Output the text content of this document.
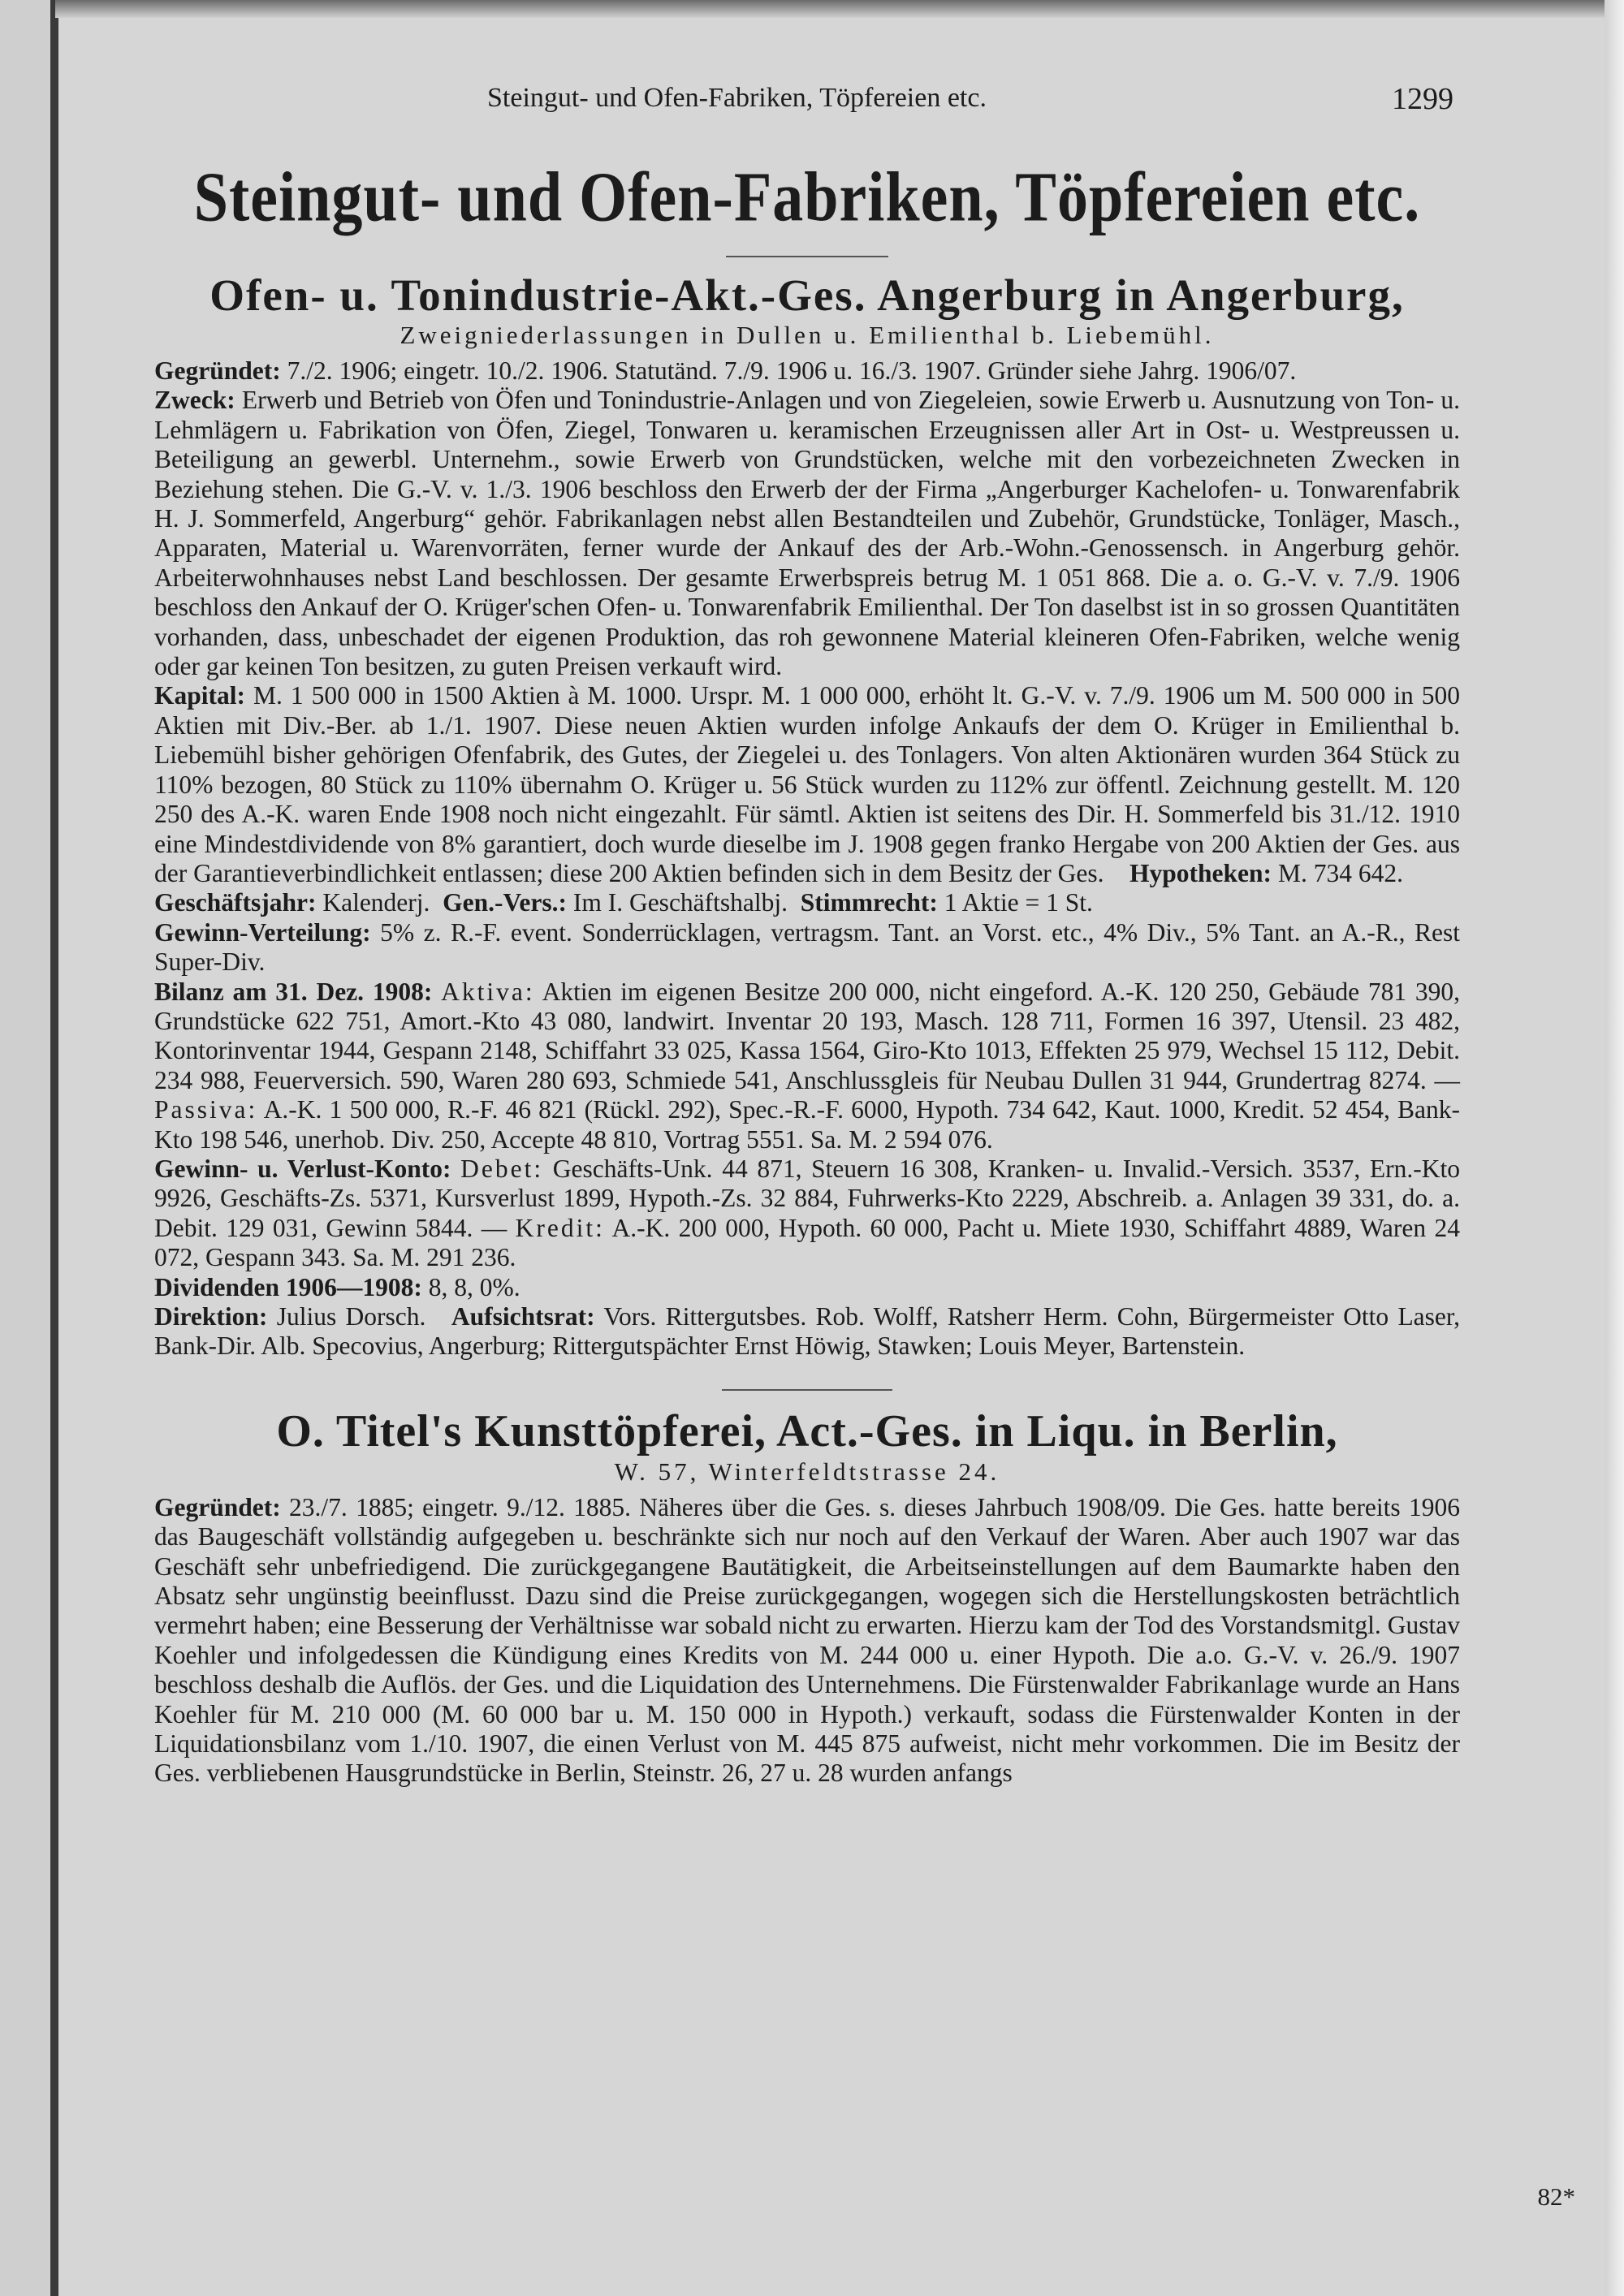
Steingut- und Ofen-Fabriken, Töpfereien etc.	1299
Steingut- und Ofen-Fabriken, Töpfereien etc.
Ofen- u. Tonindustrie-Akt.-Ges. Angerburg in Angerburg,
Zweigniederlassungen in Dullen u. Emilienthal b. Liebemühl.

Gegründet: 7./2. 1906; eingetr. 10./2. 1906. Statutänd. 7./9. 1906 u. 16./3. 1907. Gründer siehe Jahrg. 1906/07.

Zweck: Erwerb und Betrieb von Öfen und Tonindustrie-Anlagen und von Ziegeleien, sowie Erwerb u. Ausnutzung von Ton- u. Lehmlägern u. Fabrikation von Öfen, Ziegel, Tonwaren u. keramischen Erzeugnissen aller Art in Ost- u. Westpreussen u. Beteiligung an gewerbl. Unternehm., sowie Erwerb von Grundstücken, welche mit den vorbezeichneten Zwecken in Beziehung stehen. Die G.-V. v. 1./3. 1906 beschloss den Erwerb der der Firma „Angerburger Kachelofen- u. Tonwarenfabrik H. J. Sommerfeld, Angerburg“ gehör. Fabrikanlagen nebst allen Bestandteilen und Zubehör, Grundstücke, Tonläger, Masch., Apparaten, Material u. Warenvorräten, ferner wurde der Ankauf des der Arb.-Wohn.-Genossensch. in Angerburg gehör. Arbeiterwohnhauses nebst Land beschlossen. Der gesamte Erwerbspreis betrug M. 1 051 868. Die a. o. G.-V. v. 7./9. 1906 beschloss den Ankauf der O. Krüger'schen Ofen- u. Tonwarenfabrik Emilienthal. Der Ton daselbst ist in so grossen Quantitäten vorhanden, dass, unbeschadet der eigenen Produktion, das roh gewonnene Material kleineren Ofen-Fabriken, welche wenig oder gar keinen Ton besitzen, zu guten Preisen verkauft wird.

Kapital: M. 1 500 000 in 1500 Aktien à M. 1000. Urspr. M. 1 000 000, erhöht lt. G.-V. v. 7./9. 1906 um M. 500 000 in 500 Aktien mit Div.-Ber. ab 1./1. 1907. Diese neuen Aktien wurden infolge Ankaufs der dem O. Krüger in Emilienthal b. Liebemühl bisher gehörigen Ofenfabrik, des Gutes, der Ziegelei u. des Tonlagers. Von alten Aktionären wurden 364 Stück zu 110% bezogen, 80 Stück zu 110% übernahm O. Krüger u. 56 Stück wurden zu 112% zur öffentl. Zeichnung gestellt. M. 120 250 des A.-K. waren Ende 1908 noch nicht eingezahlt. Für sämtl. Aktien ist seitens des Dir. H. Sommerfeld bis 31./12. 1910 eine Mindestdividende von 8% garantiert, doch wurde dieselbe im J. 1908 gegen franko Hergabe von 200 Aktien der Ges. aus der Garantieverbindlichkeit entlassen; diese 200 Aktien befinden sich in dem Besitz der Ges.  Hypotheken: M. 734 642.

Geschäftsjahr: Kalenderj.  Gen.-Vers.: Im I. Geschäftshalbj.  Stimmrecht: 1 Aktie = 1 St.

Gewinn-Verteilung: 5% z. R.-F. event. Sonderrücklagen, vertragsm. Tant. an Vorst. etc., 4% Div., 5% Tant. an A.-R., Rest Super-Div.

Bilanz am 31. Dez. 1908: Aktiva: Aktien im eigenen Besitze 200 000, nicht eingeford. A.-K. 120 250, Gebäude 781 390, Grundstücke 622 751, Amort.-Kto 43 080, landwirt. Inventar 20 193, Masch. 128 711, Formen 16 397, Utensil. 23 482, Kontorinventar 1944, Gespann 2148, Schiffahrt 33 025, Kassa 1564, Giro-Kto 1013, Effekten 25 979, Wechsel 15 112, Debit. 234 988, Feuerversich. 590, Waren 280 693, Schmiede 541, Anschlussgleis für Neubau Dullen 31 944, Grundertrag 8274. — Passiva: A.-K. 1 500 000, R.-F. 46 821 (Rückl. 292), Spec.-R.-F. 6000, Hypoth. 734 642, Kaut. 1000, Kredit. 52 454, Bank-Kto 198 546, unerhob. Div. 250, Accepte 48 810, Vortrag 5551. Sa. M. 2 594 076.

Gewinn- u. Verlust-Konto: Debet: Geschäfts-Unk. 44 871, Steuern 16 308, Kranken- u. Invalid.-Versich. 3537, Ern.-Kto 9926, Geschäfts-Zs. 5371, Kursverlust 1899, Hypoth.-Zs. 32 884, Fuhrwerks-Kto 2229, Abschreib. a. Anlagen 39 331, do. a. Debit. 129 031, Gewinn 5844. — Kredit: A.-K. 200 000, Hypoth. 60 000, Pacht u. Miete 1930, Schiffahrt 4889, Waren 24 072, Gespann 343. Sa. M. 291 236.

Dividenden 1906—1908: 8, 8, 0%.

Direktion: Julius Dorsch.  Aufsichtsrat: Vors. Rittergutsbes. Rob. Wolff, Ratsherr Herm. Cohn, Bürgermeister Otto Laser, Bank-Dir. Alb. Specovius, Angerburg; Rittergutspächter Ernst Höwig, Stawken; Louis Meyer, Bartenstein.

O. Titel's Kunsttöpferei, Act.-Ges. in Liqu. in Berlin,
W. 57, Winterfeldtstrasse 24.

Gegründet: 23./7. 1885; eingetr. 9./12. 1885. Näheres über die Ges. s. dieses Jahrbuch 1908/09. Die Ges. hatte bereits 1906 das Baugeschäft vollständig aufgegeben u. beschränkte sich nur noch auf den Verkauf der Waren. Aber auch 1907 war das Geschäft sehr unbefriedigend. Die zurückgegangene Bautätigkeit, die Arbeitseinstellungen auf dem Baumarkte haben den Absatz sehr ungünstig beeinflusst. Dazu sind die Preise zurückgegangen, wogegen sich die Herstellungskosten beträchtlich vermehrt haben; eine Besserung der Verhältnisse war sobald nicht zu erwarten. Hierzu kam der Tod des Vorstandsmitgl. Gustav Koehler und infolgedessen die Kündigung eines Kredits von M. 244 000 u. einer Hypoth. Die a.o. G.-V. v. 26./9. 1907 beschloss deshalb die Auflös. der Ges. und die Liquidation des Unternehmens. Die Fürstenwalder Fabrikanlage wurde an Hans Koehler für M. 210 000 (M. 60 000 bar u. M. 150 000 in Hypoth.) verkauft, sodass die Fürstenwalder Konten in der Liquidationsbilanz vom 1./10. 1907, die einen Verlust von M. 445 875 aufweist, nicht mehr vorkommen. Die im Besitz der Ges. verbliebenen Hausgrundstücke in Berlin, Steinstr. 26, 27 u. 28 wurden anfangs

82*
